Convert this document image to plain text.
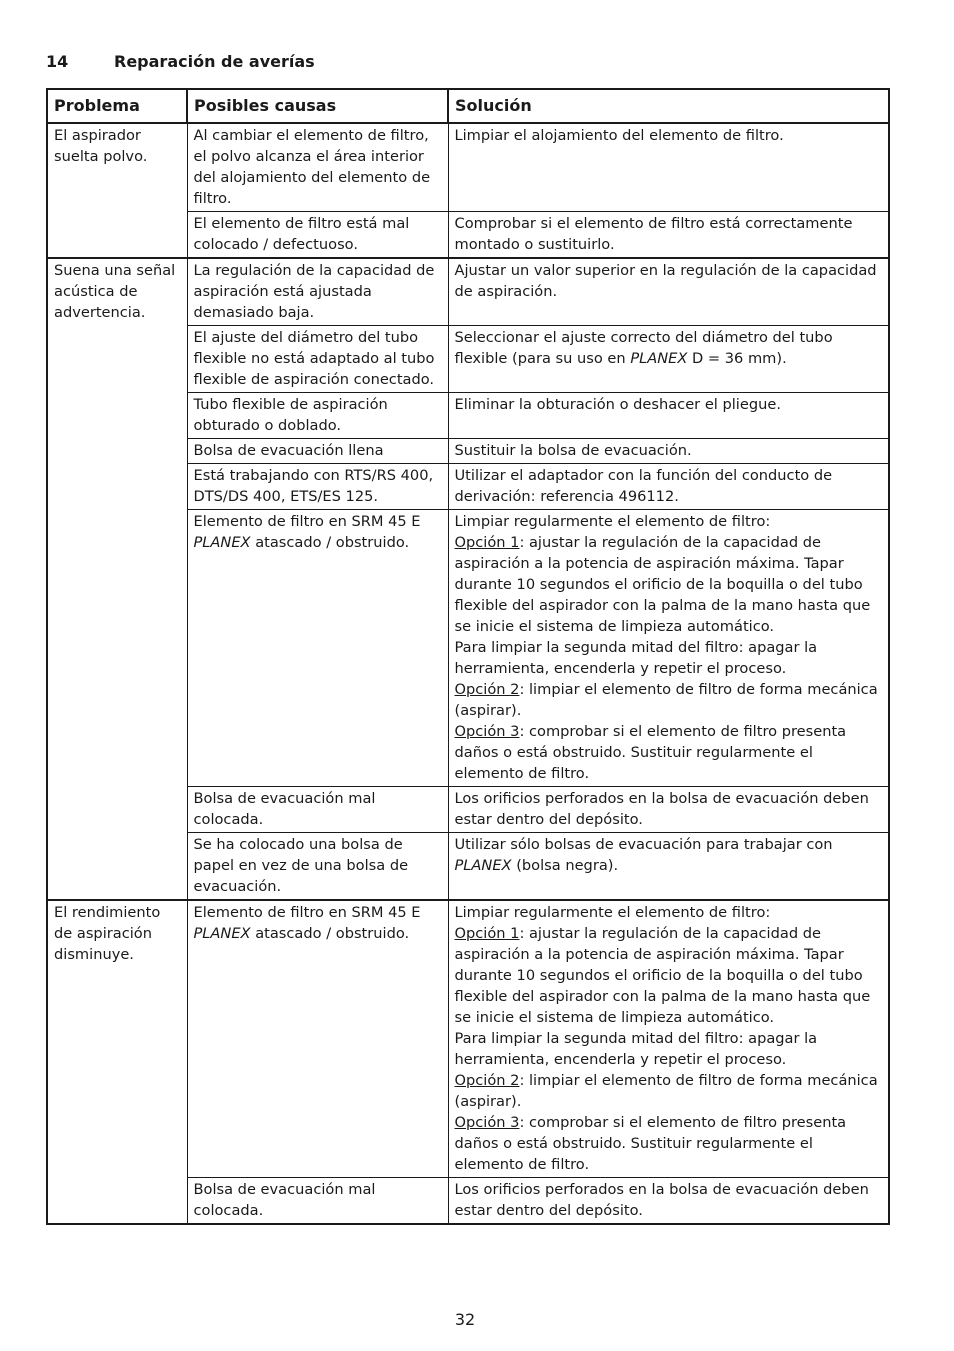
14	Reparación de averías
Problema	Posibles causas	Solución
El aspirador suelta polvo.	Al cambiar el elemento de filtro, el polvo alcanza el área interior del alojamiento del elemento de filtro.	Limpiar el alojamiento del elemento de filtro.
	El elemento de filtro está mal colocado / defectuoso.	Comprobar si el elemento de filtro está correctamente montado o sustituirlo.
Suena una señal acústica de advertencia.	La regulación de la capacidad de aspiración está ajustada demasiado baja.	Ajustar un valor superior en la regulación de la capacidad de aspiración.
	El ajuste del diámetro del tubo flexible no está adaptado al tubo flexible de aspiración conectado.	Seleccionar el ajuste correcto del diámetro del tubo flexible (para su uso en PLANEX D = 36 mm).
	Tubo flexible de aspiración obturado o doblado.	Eliminar la obturación o deshacer el pliegue.
	Bolsa de evacuación llena	Sustituir la bolsa de evacuación.
	Está trabajando con RTS/RS 400, DTS/DS 400, ETS/ES 125.	Utilizar el adaptador con la función del conducto de derivación: referencia 496112.
	Elemento de filtro en SRM 45 E PLANEX atascado / obstruido.	Limpiar regularmente el elemento de filtro:
Opción 1: ajustar la regulación de la capacidad de aspiración a la potencia de aspiración máxima. Tapar durante 10 segundos el orificio de la boquilla o del tubo flexible del aspirador con la palma de la mano hasta que se inicie el sistema de limpieza automático.
Para limpiar la segunda mitad del filtro: apagar la herramienta, encenderla y repetir el proceso.
Opción 2: limpiar el elemento de filtro de forma mecánica (aspirar).
Opción 3: comprobar si el elemento de filtro presenta daños o está obstruido. Sustituir regularmente el elemento de filtro.

	Bolsa de evacuación mal colocada.	Los orificios perforados en la bolsa de evacuación deben estar dentro del depósito.
	Se ha colocado una bolsa de papel en vez de una bolsa de evacuación.	Utilizar sólo bolsas de evacuación para trabajar con PLANEX (bolsa negra).
El rendimiento de aspiración disminuye.	Elemento de filtro en SRM 45 E PLANEX atascado / obstruido.	Limpiar regularmente el elemento de filtro:
Opción 1: ajustar la regulación de la capacidad de aspiración a la potencia de aspiración máxima. Tapar durante 10 segundos el orificio de la boquilla o del tubo flexible del aspirador con la palma de la mano hasta que se inicie el sistema de limpieza automático.
Para limpiar la segunda mitad del filtro: apagar la herramienta, encenderla y repetir el proceso.
Opción 2: limpiar el elemento de filtro de forma mecánica (aspirar).
Opción 3: comprobar si el elemento de filtro presenta daños o está obstruido. Sustituir regularmente el elemento de filtro.

	Bolsa de evacuación mal colocada.	Los orificios perforados en la bolsa de evacuación deben estar dentro del depósito.
32
